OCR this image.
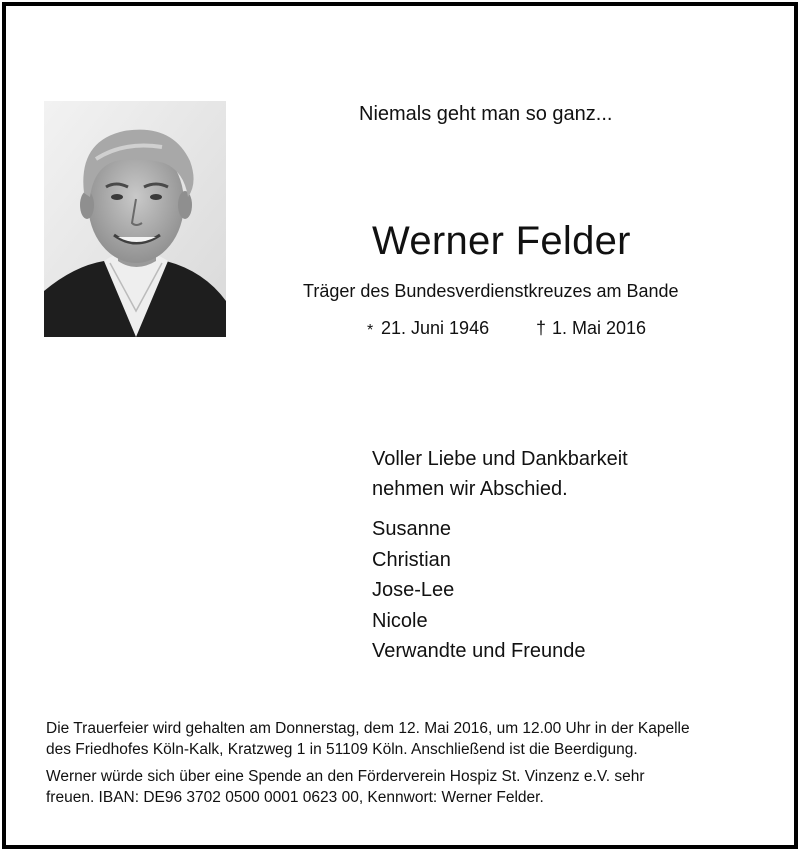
Niemals geht man so ganz...
Werner Felder
Träger des Bundesverdienstkreuzes am Bande
* 21. Juni 1946	† 1. Mai 2016
Voller Liebe und Dankbarkeit
nehmen wir Abschied.
Susanne
Christian
Jose-Lee
Nicole
Verwandte und Freunde
Die Trauerfeier wird gehalten am Donnerstag, dem 12. Mai 2016, um 12.00 Uhr in der Kapelle
des Friedhofes Köln-Kalk, Kratzweg 1 in 51109 Köln. Anschließend ist die Beerdigung.
Werner würde sich über eine Spende an den Förderverein Hospiz St. Vinzenz e.V. sehr
freuen. IBAN: DE96 3702 0500 0001 0623 00, Kennwort: Werner Felder.
